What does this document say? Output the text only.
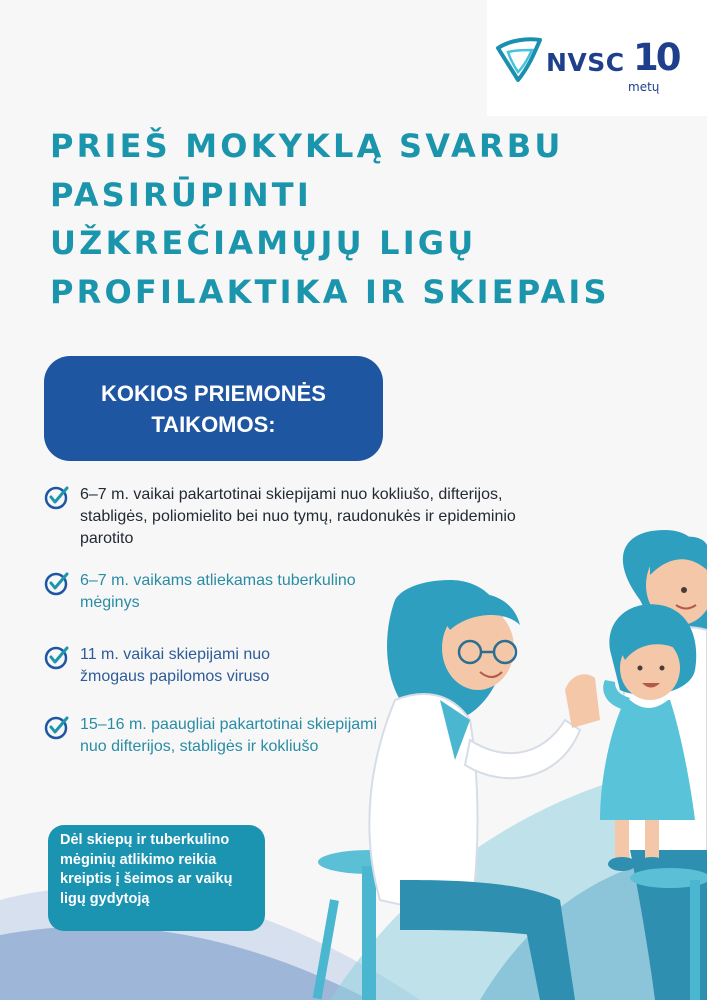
NVSC 10
metų
PRIEŠ MOKYKLĄ SVARBU
PASIRŪPINTI
UŽKREČIAMŲJŲ LIGŲ
PROFILAKTIKA IR SKIEPAIS
KOKIOS PRIEMONĖS TAIKOMOS:
6–7 m. vaikai pakartotinai skiepijami nuo kokliušo, difterijos, stabligės, poliomielito bei nuo tymų, raudonukės ir epideminio parotito
6–7 m. vaikams atliekamas tuberkulino mėginys
11 m. vaikai skiepijami nuo žmogaus papilomos viruso
15–16 m. paaugliai pakartotinai skiepijami nuo difterijos, stabligės ir kokliušo
Dėl skiepų ir tuberkulino mėginių atlikimo reikia kreiptis į šeimos ar vaikų ligų gydytoją
